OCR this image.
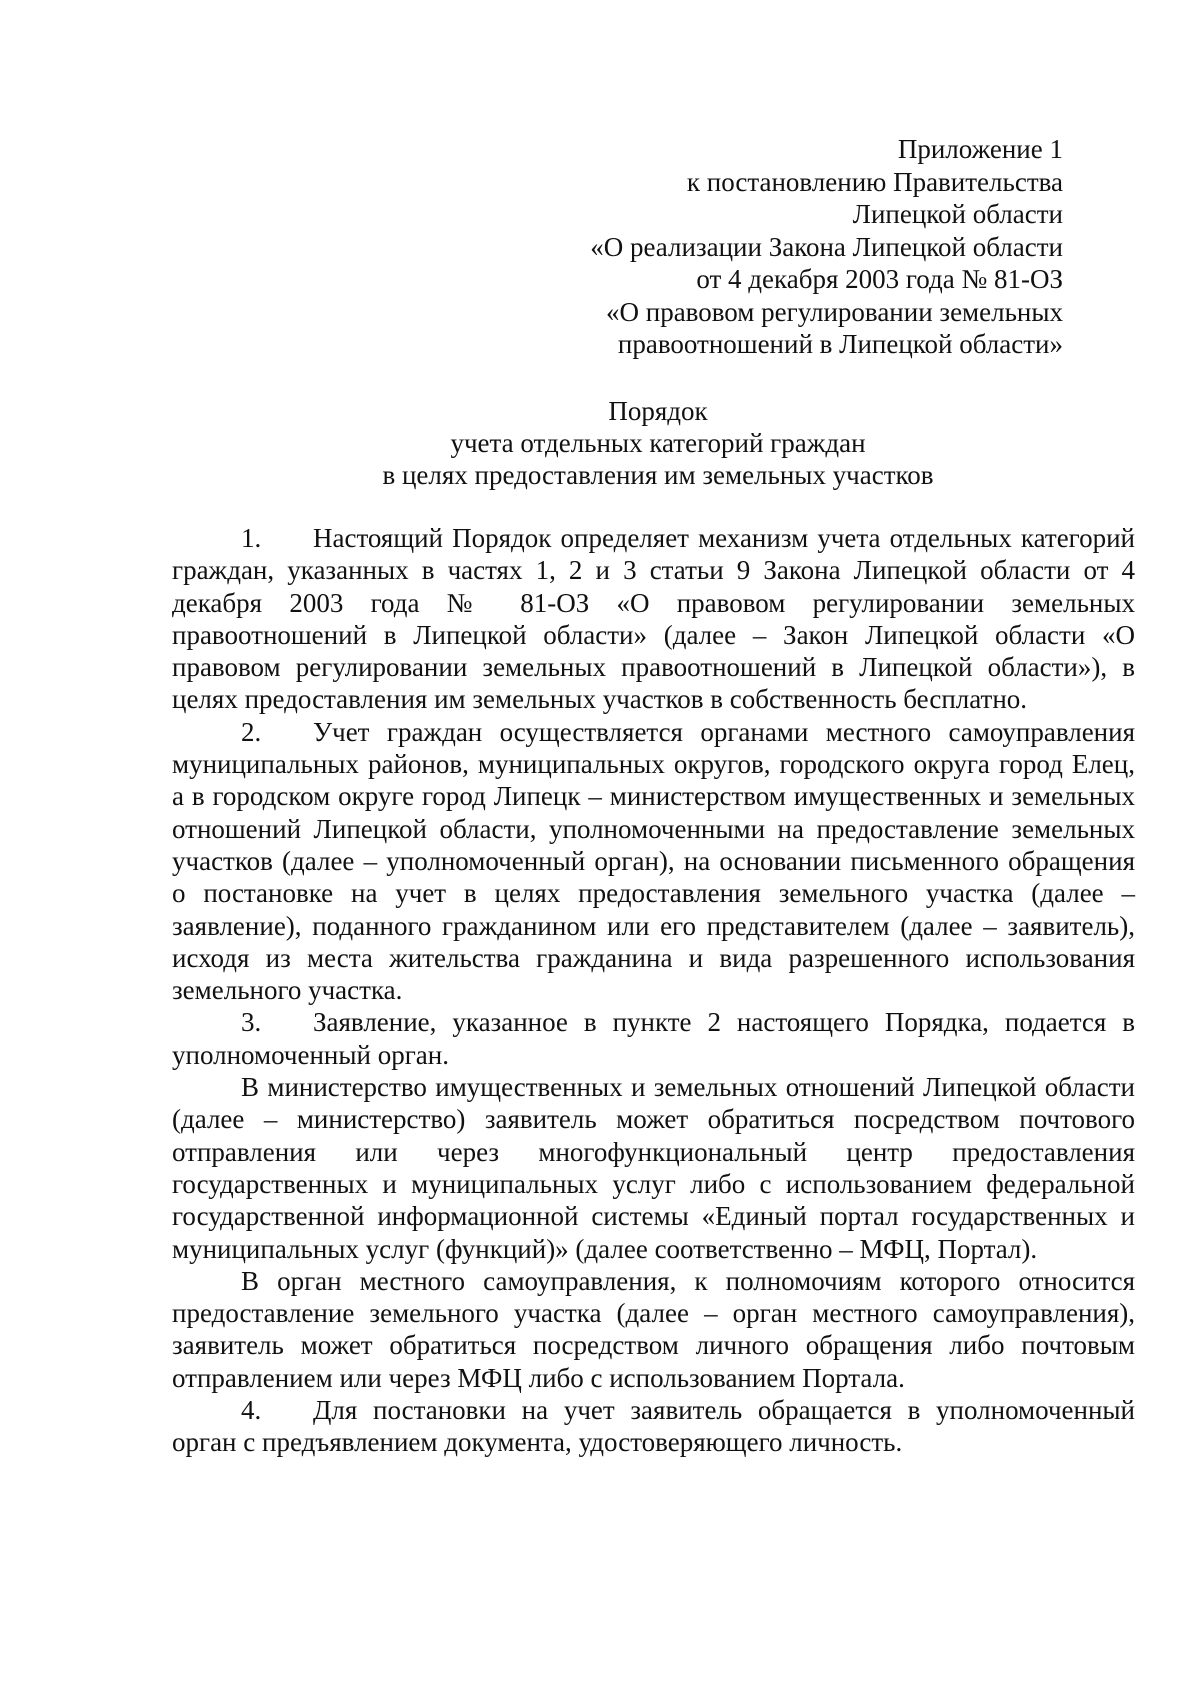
Приложение 1
к постановлению Правительства
Липецкой области
«О реализации Закона Липецкой области
от 4 декабря 2003 года № 81-ОЗ
«О правовом регулировании земельных
правоотношений в Липецкой области»
Порядок
учета отдельных категорий граждан
в целях предоставления им земельных участков

1. Настоящий Порядок определяет механизм учета отдельных категорий граждан, указанных в частях 1, 2 и 3 статьи 9 Закона Липецкой области от 4 декабря 2003 года № 81-ОЗ «О правовом регулировании земельных правоотношений в Липецкой области» (далее – Закон Липецкой области «О правовом регулировании земельных правоотношений в Липецкой области»), в целях предоставления им земельных участков в собственность бесплатно.

2. Учет граждан осуществляется органами местного самоуправления муниципальных районов, муниципальных округов, городского округа город Елец, а в городском округе город Липецк – министерством имущественных и земельных отношений Липецкой области, уполномоченными на предоставление земельных участков (далее – уполномоченный орган), на основании письменного обращения о постановке на учет в целях предоставления земельного участка (далее – заявление), поданного гражданином или его представителем (далее – заявитель), исходя из места жительства гражданина и вида разрешенного использования земельного участка.

3. Заявление, указанное в пункте 2 настоящего Порядка, подается в уполномоченный орган.

В министерство имущественных и земельных отношений Липецкой области (далее – министерство) заявитель может обратиться посредством почтового отправления или через многофункциональный центр предоставления государственных и муниципальных услуг либо с использованием федеральной государственной информационной системы «Единый портал государственных и муниципальных услуг (функций)» (далее соответственно – МФЦ, Портал).

В орган местного самоуправления, к полномочиям которого относится предоставление земельного участка (далее – орган местного самоуправления), заявитель может обратиться посредством личного обращения либо почтовым отправлением или через МФЦ либо с использованием Портала.

4. Для постановки на учет заявитель обращается в уполномоченный орган с предъявлением документа, удостоверяющего личность.
